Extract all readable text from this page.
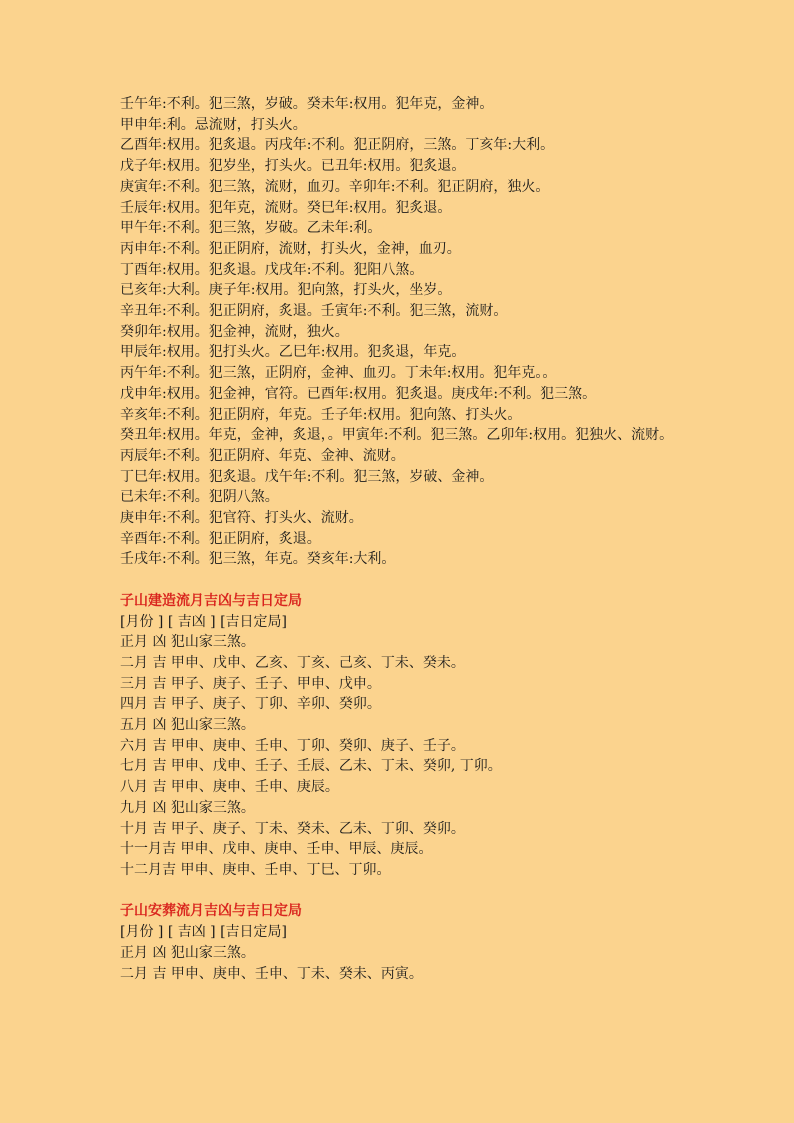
壬午年:不利。犯三煞，岁破。癸未年:权用。犯年克，金神。
甲申年:利。忌流财，打头火。
乙酉年:权用。犯炙退。丙戌年:不利。犯正阴府，三煞。丁亥年:大利。
戊子年:权用。犯岁坐，打头火。已丑年:权用。犯炙退。
庚寅年:不利。犯三煞，流财，血刃。辛卯年:不利。犯正阴府，独火。
壬辰年:权用。犯年克，流财。癸巳年:权用。犯炙退。
甲午年:不利。犯三煞，岁破。乙未年:利。
丙申年:不利。犯正阴府，流财，打头火，金神，血刃。
丁酉年:权用。犯炙退。戊戌年:不利。犯阳八煞。
已亥年:大利。庚子年:权用。犯向煞，打头火，坐岁。
辛丑年:不利。犯正阴府，炙退。壬寅年:不利。犯三煞，流财。
癸卯年:权用。犯金神，流财，独火。
甲辰年:权用。犯打头火。乙巳年:权用。犯炙退，年克。
丙午年:不利。犯三煞，正阴府，金神、血刃。丁未年:权用。犯年克。。
戊申年:权用。犯金神，官符。已酉年:权用。犯炙退。庚戌年:不利。犯三煞。
辛亥年:不利。犯正阴府，年克。壬子年:权用。犯向煞、打头火。
癸丑年:权用。年克，金神，炙退，。甲寅年:不利。犯三煞。乙卯年:权用。犯独火、流财。
丙辰年:不利。犯正阴府、年克、金神、流财。
丁巳年:权用。犯炙退。戊午年:不利。犯三煞，岁破、金神。
已未年:不利。犯阴八煞。
庚申年:不利。犯官符、打头火、流财。
辛酉年:不利。犯正阴府，炙退。
壬戌年:不利。犯三煞，年克。癸亥年:大利。
子山建造流月吉凶与吉日定局
[月份 ] [ 吉凶 ] [吉日定局]
正月 凶 犯山家三煞。
二月 吉 甲申、戊申、乙亥、丁亥、己亥、丁未、癸未。
三月 吉 甲子、庚子、壬子、甲申、戊申。
四月 吉 甲子、庚子、丁卯、辛卯、癸卯。
五月 凶 犯山家三煞。
六月 吉 甲申、庚申、壬申、丁卯、癸卯、庚子、壬子。
七月 吉 甲申、戊申、壬子、壬辰、乙未、丁未、癸卯, 丁卯。
八月 吉 甲申、庚申、壬申、庚辰。
九月 凶 犯山家三煞。
十月 吉 甲子、庚子、丁未、癸未、乙未、丁卯、癸卯。
十一月吉 甲申、戊申、庚申、壬申、甲辰、庚辰。
十二月吉 甲申、庚申、壬申、丁巳、丁卯。
子山安葬流月吉凶与吉日定局
[月份 ] [ 吉凶 ] [吉日定局]
正月 凶 犯山家三煞。
二月 吉 甲申、庚申、壬申、丁未、癸未、丙寅。
